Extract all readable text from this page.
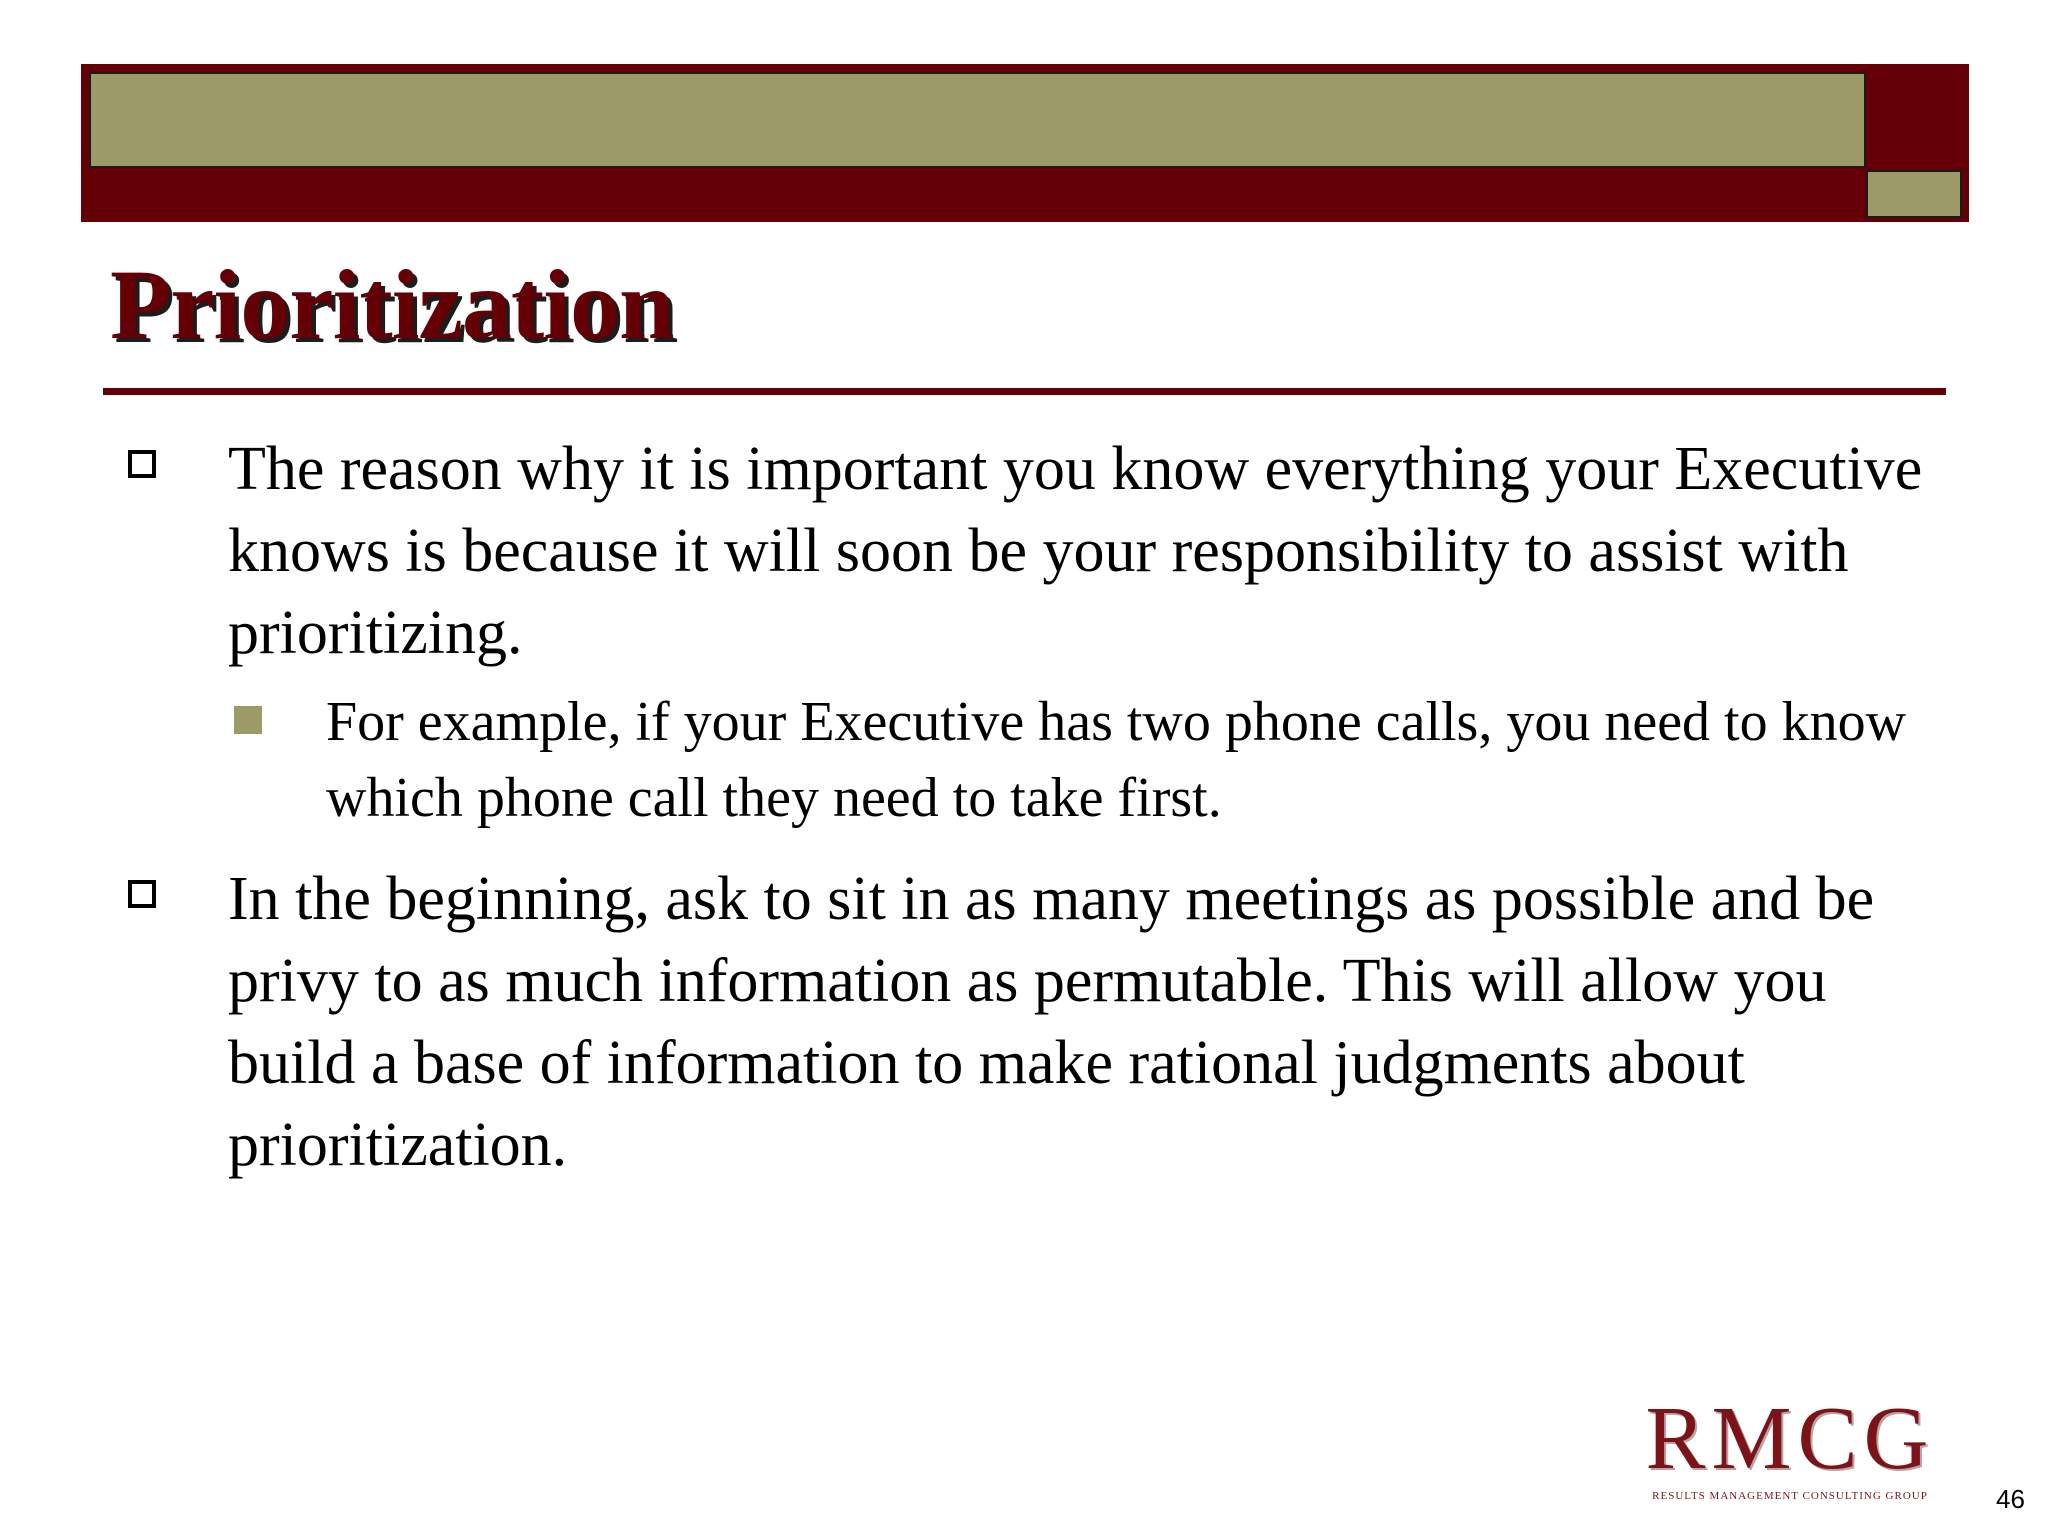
Prioritization
The reason why it is important you know everything your Executive knows is because it will soon be your responsibility to assist with prioritizing.
For example, if your Executive has two phone calls, you need to know which phone call they need to take first.
In the beginning, ask to sit in as many meetings as possible and be privy to as much information as permutable. This will allow you build a base of information to make rational judgments about prioritization.
RMCG
RESULTS MANAGEMENT CONSULTING GROUP	46
